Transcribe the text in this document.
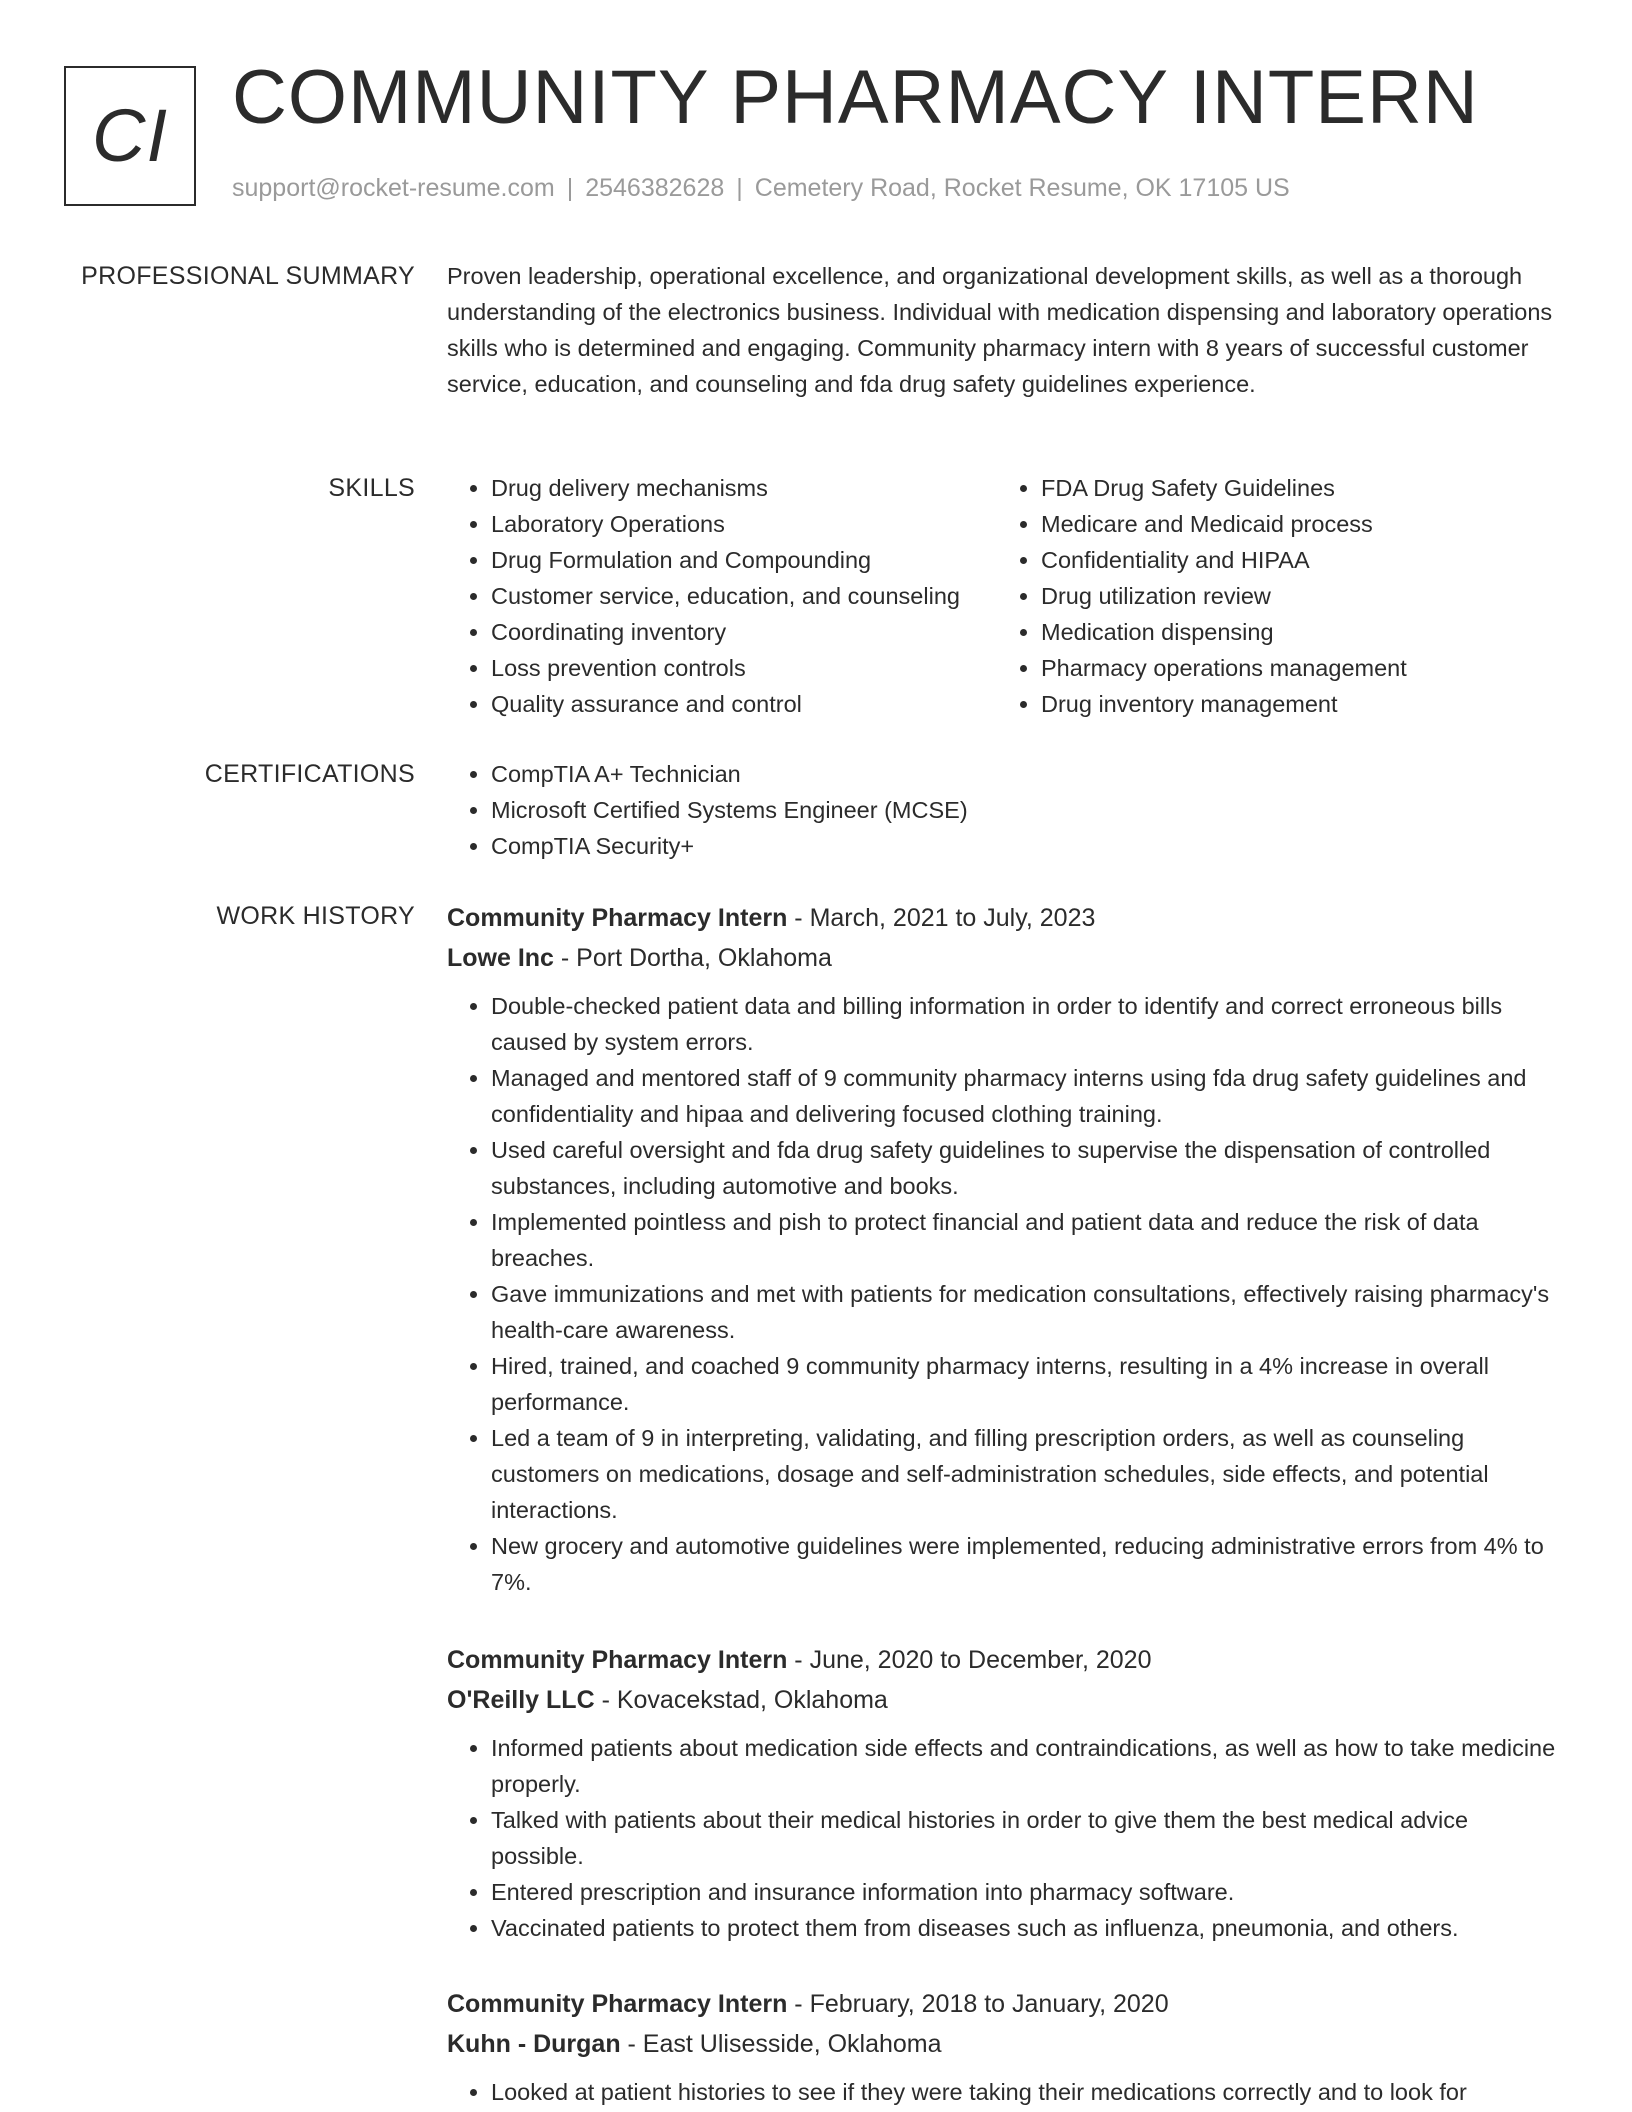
CI COMMUNITY PHARMACY INTERN
support@rocket-resume.com | 2546382628 | Cemetery Road, Rocket Resume, OK 17105 US
PROFESSIONAL SUMMARY Proven leadership, operational excellence, and organizational development skills, as well as a thorough understanding of the electronics business. Individual with medication dispensing and laboratory operations skills who is determined and engaging. Community pharmacy intern with 8 years of successful customer service, education, and counseling and fda drug safety guidelines experience.
SKILLS	• Drug delivery mechanisms
• Laboratory Operations
• Drug Formulation and Compounding
• Customer service, education, and counseling
• Coordinating inventory
• Loss prevention controls
• Quality assurance and control
• FDA Drug Safety Guidelines
• Medicare and Medicaid process
• Confidentiality and HIPAA
• Drug utilization review
• Medication dispensing
• Pharmacy operations management
• Drug inventory management
CERTIFICATIONS	• CompTIA A+ Technician
• Microsoft Certified Systems Engineer (MCSE)
• CompTIA Security+
WORK HISTORY Community Pharmacy Intern - March, 2021 to July, 2023
Lowe Inc - Port Dortha, Oklahoma
• Double-checked patient data and billing information in order to identify and correct erroneous bills caused by system errors.
• Managed and mentored staff of 9 community pharmacy interns using fda drug safety guidelines and confidentiality and hipaa and delivering focused clothing training.
• Used careful oversight and fda drug safety guidelines to supervise the dispensation of controlled substances, including automotive and books.
• Implemented pointless and pish to protect financial and patient data and reduce the risk of data breaches.
• Gave immunizations and met with patients for medication consultations, effectively raising pharmacy's health-care awareness.
• Hired, trained, and coached 9 community pharmacy interns, resulting in a 4% increase in overall performance.
• Led a team of 9 in interpreting, validating, and filling prescription orders, as well as counseling customers on medications, dosage and self-administration schedules, side effects, and potential interactions.
• New grocery and automotive guidelines were implemented, reducing administrative errors from 4% to 7%.
Community Pharmacy Intern - June, 2020 to December, 2020
O'Reilly LLC - Kovacekstad, Oklahoma
• Informed patients about medication side effects and contraindications, as well as how to take medicine properly.
• Talked with patients about their medical histories in order to give them the best medical advice possible.
• Entered prescription and insurance information into pharmacy software.
• Vaccinated patients to protect them from diseases such as influenza, pneumonia, and others.
Community Pharmacy Intern - February, 2018 to January, 2020
Kuhn - Durgan - East Ulisesside, Oklahoma
• Looked at patient histories to see if they were taking their medications correctly and to look for
